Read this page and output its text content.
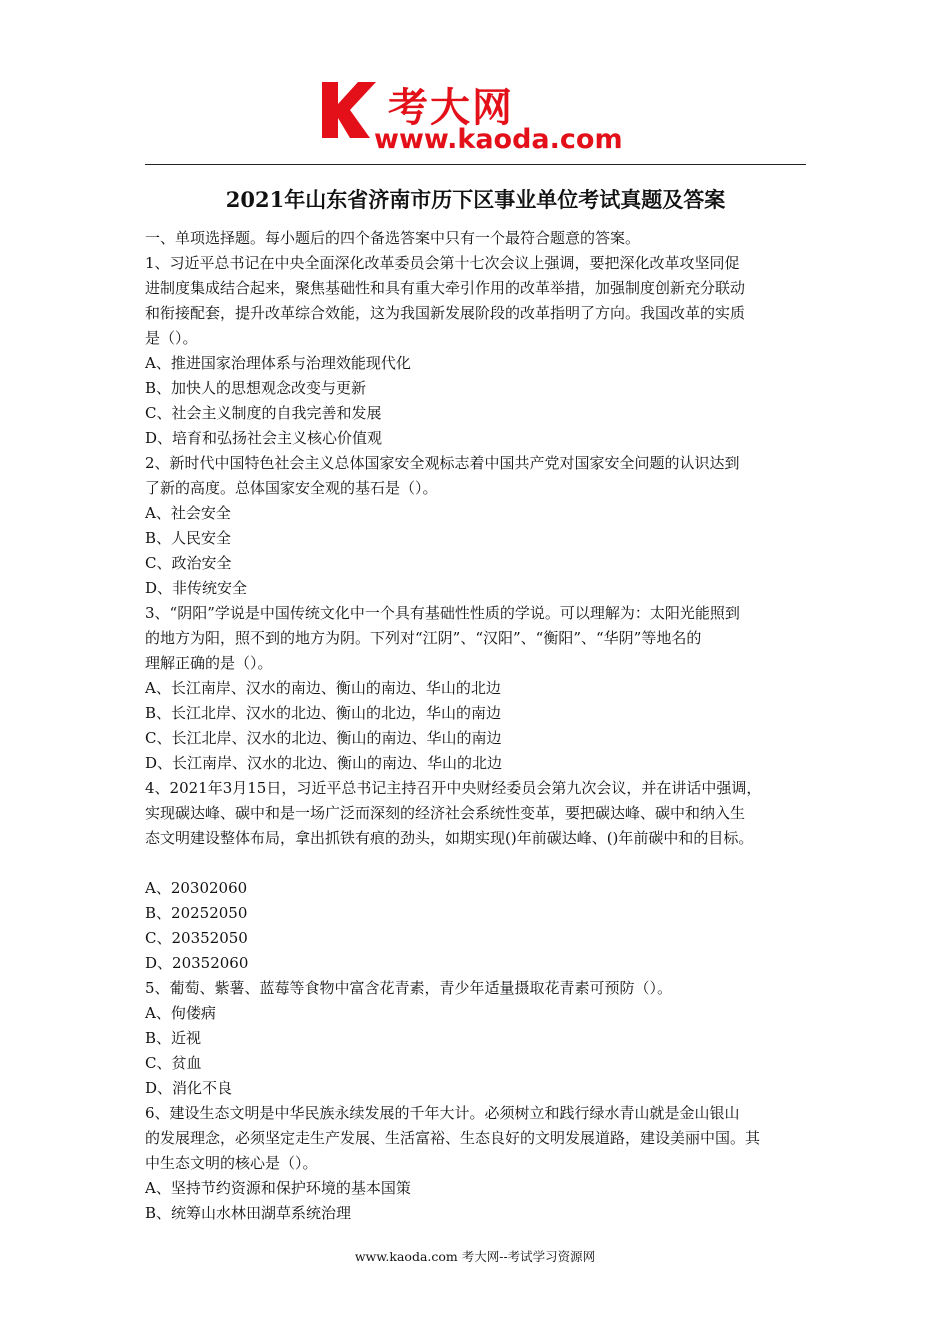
考大网
www.kaoda.com
2021年山东省济南市历下区事业单位考试真题及答案

一、单项选择题。每小题后的四个备选答案中只有一个最符合题意的答案。

1、习近平总书记在中央全面深化改革委员会第十七次会议上强调，要把深化改革攻坚同促

进制度集成结合起来，聚焦基础性和具有重大牵引作用的改革举措，加强制度创新充分联动

和衔接配套，提升改革综合效能，这为我国新发展阶段的改革指明了方向。我国改革的实质

是（）。

A、推进国家治理体系与治理效能现代化

B、加快人的思想观念改变与更新

C、社会主义制度的自我完善和发展

D、培育和弘扬社会主义核心价值观

2、新时代中国特色社会主义总体国家安全观标志着中国共产党对国家安全问题的认识达到

了新的高度。总体国家安全观的基石是（）。

A、社会安全

B、人民安全

C、政治安全

D、非传统安全

3、“阴阳”学说是中国传统文化中一个具有基础性性质的学说。可以理解为：太阳光能照到

的地方为阳，照不到的地方为阴。下列对“江阴”、“汉阳”、“衡阳”、“华阴”等地名的

理解正确的是（）。

A、长江南岸、汉水的南边、衡山的南边、华山的北边

B、长江北岸、汉水的北边、衡山的北边，华山的南边

C、长江北岸、汉水的北边、衡山的南边、华山的南边

D、长江南岸、汉水的北边、衡山的南边、华山的北边

4、2021年3月15日，习近平总书记主持召开中央财经委员会第九次会议，并在讲话中强调，

实现碳达峰、碳中和是一场广泛而深刻的经济社会系统性变革，要把碳达峰、碳中和纳入生

态文明建设整体布局，拿出抓铁有痕的劲头，如期实现()年前碳达峰、()年前碳中和的目标。

A、20302060

B、20252050

C、20352050

D、20352060

5、葡萄、紫薯、蓝莓等食物中富含花青素，青少年适量摄取花青素可预防（）。

A、佝偻病

B、近视

C、贫血

D、消化不良

6、建设生态文明是中华民族永续发展的千年大计。必须树立和践行绿水青山就是金山银山

的发展理念，必须坚定走生产发展、生活富裕、生态良好的文明发展道路，建设美丽中国。其

中生态文明的核心是（）。

A、坚持节约资源和保护环境的基本国策

B、统筹山水林田湖草系统治理

www.kaoda.com 考大网--考试学习资源网
